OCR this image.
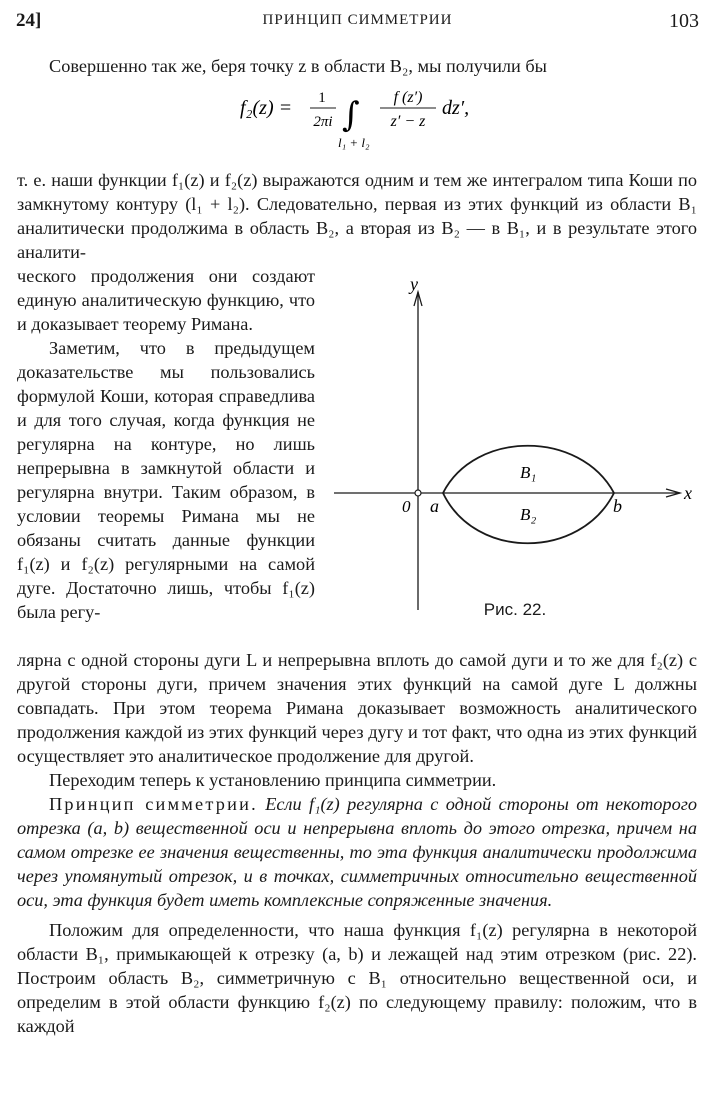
24]	ПРИНЦИП СИММЕТРИИ	103

Совершенно так же, беря точку z в области B₂, мы получили бы

f₂(z) = 1
2πi ∫
l₁ + l₂
f (z′)
z′ − z
dz′,

т. е. наши функции f₁(z) и f₂(z) выражаются одним и тем же интегралом типа Коши по замкнутому контуру (l₁ + l₂). Следовательно, первая из этих функций из области B₁ аналитически продолжима в область B₂, а вторая из B₂ — в B₁, и в результате этого аналити-

ческого продолжения они создают единую аналитическую функцию, что и доказывает теорему Римана.

Заметим, что в предыдущем доказательстве мы пользовались формулой Коши, которая справедлива и для того случая, когда функция не регулярна на контуре, но лишь непрерывна в замкнутой области и регулярна внутри. Таким образом, в условии теоремы Римана мы не обязаны считать данные функции f₁(z) и f₂(z) регулярными на самой дуге. Достаточно лишь, чтобы f₁(z) была регу-

y
x
0
B₁
B₂
a	b
Рис. 22.

лярна с одной стороны дуги L и непрерывна вплоть до самой дуги и то же для f₂(z) с другой стороны дуги, причем значения этих функций на самой дуге L должны совпадать. При этом теорема Римана доказывает возможность аналитического продолжения каждой из этих функций через дугу и тот факт, что одна из этих функций осуществляет это аналитическое продолжение для другой.

Переходим теперь к установлению принципа симметрии.

Принцип симметрии. Если f₁(z) регулярна с одной стороны от некоторого отрезка (a, b) вещественной оси и непрерывна вплоть до этого отрезка, причем на самом отрезке ее значения вещественны, то эта функция аналитически продолжима через упомянутый отрезок, и в точках, симметричных относительно вещественной оси, эта функция будет иметь комплексные сопряженные значения.

Положим для определенности, что наша функция f₁(z) регулярна в некоторой области B₁, примыкающей к отрезку (a, b) и лежащей над этим отрезком (рис. 22). Построим область B₂, симметричную с B₁ относительно вещественной оси, и определим в этой области функцию f₂(z) по следующему правилу: положим, что в каждой
